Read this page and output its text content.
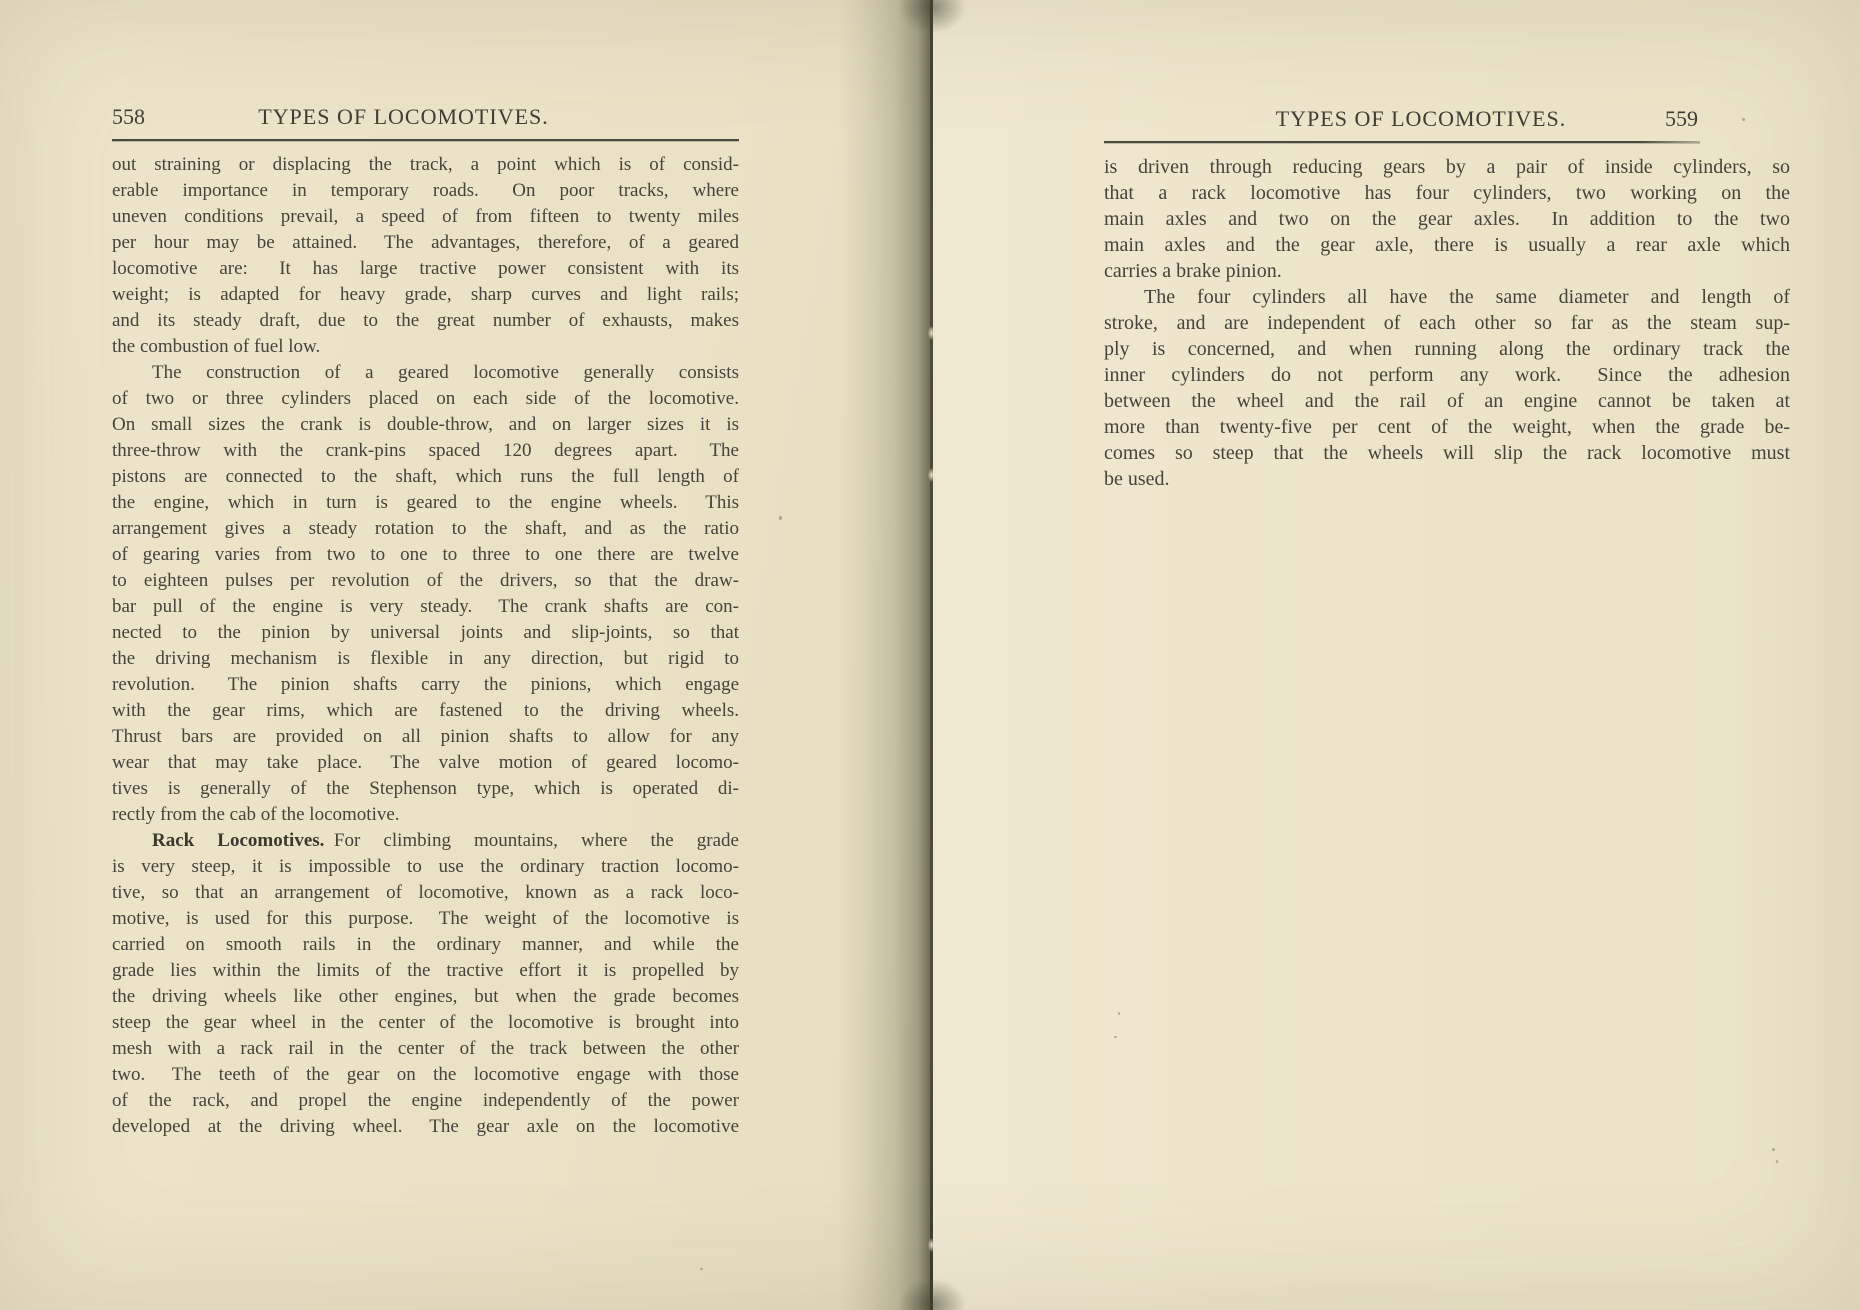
558	TYPES OF LOCOMOTIVES.
out straining or displacing the track, a point which is of consid-
erable importance in temporary roads.  On poor tracks, where
uneven conditions prevail, a speed of from fifteen to twenty miles
per hour may be attained.  The advantages, therefore, of a geared
locomotive are:  It has large tractive power consistent with its
weight; is adapted for heavy grade, sharp curves and light rails;
and its steady draft, due to the great number of exhausts, makes
the combustion of fuel low.
The construction of a geared locomotive generally consists
of two or three cylinders placed on each side of the locomotive.
On small sizes the crank is double-throw, and on larger sizes it is
three-throw with the crank-pins spaced 120 degrees apart.  The
pistons are connected to the shaft, which runs the full length of
the engine, which in turn is geared to the engine wheels.  This
arrangement gives a steady rotation to the shaft, and as the ratio
of gearing varies from two to one to three to one there are twelve
to eighteen pulses per revolution of the drivers, so that the draw-
bar pull of the engine is very steady.  The crank shafts are con-
nected to the pinion by universal joints and slip-joints, so that
the driving mechanism is flexible in any direction, but rigid to
revolution.  The pinion shafts carry the pinions, which engage
with the gear rims, which are fastened to the driving wheels.
Thrust bars are provided on all pinion shafts to allow for any
wear that may take place.  The valve motion of geared locomo-
tives is generally of the Stephenson type, which is operated di-
rectly from the cab of the locomotive.
Rack Locomotives. For climbing mountains, where the grade
is very steep, it is impossible to use the ordinary traction locomo-
tive, so that an arrangement of locomotive, known as a rack loco-
motive, is used for this purpose.  The weight of the locomotive is
carried on smooth rails in the ordinary manner, and while the
grade lies within the limits of the tractive effort it is propelled by
the driving wheels like other engines, but when the grade becomes
steep the gear wheel in the center of the locomotive is brought into
mesh with a rack rail in the center of the track between the other
two.  The teeth of the gear on the locomotive engage with those
of the rack, and propel the engine independently of the power
developed at the driving wheel.  The gear axle on the locomotive
TYPES OF LOCOMOTIVES.	559
is driven through reducing gears by a pair of inside cylinders, so
that a rack locomotive has four cylinders, two working on the
main axles and two on the gear axles.  In addition to the two
main axles and the gear axle, there is usually a rear axle which
carries a brake pinion.
The four cylinders all have the same diameter and length of
stroke, and are independent of each other so far as the steam sup-
ply is concerned, and when running along the ordinary track the
inner cylinders do not perform any work.  Since the adhesion
between the wheel and the rail of an engine cannot be taken at
more than twenty-five per cent of the weight, when the grade be-
comes so steep that the wheels will slip the rack locomotive must
be used.
